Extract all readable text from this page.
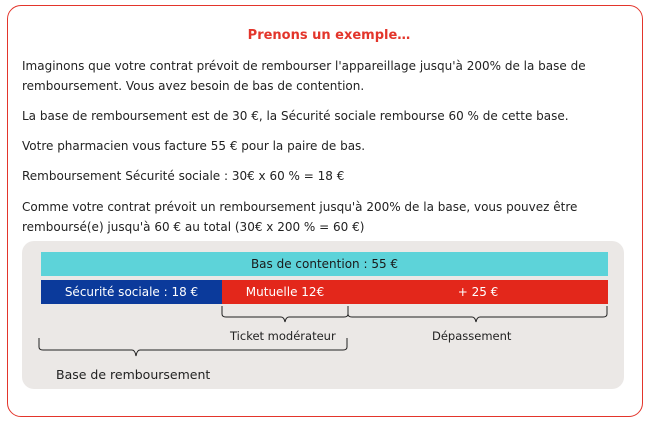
Prenons un exemple…
Imaginons que votre contrat prévoit de rembourser l'appareillage jusqu'à 200% de la base de remboursement. Vous avez besoin de bas de contention.
La base de remboursement est de 30 €, la Sécurité sociale rembourse 60 % de cette base.
Votre pharmacien vous facture 55 € pour la paire de bas.
Remboursement Sécurité sociale : 30€ x 60 % = 18 €
Comme votre contrat prévoit un remboursement jusqu'à 200% de la base, vous pouvez être remboursé(e) jusqu'à 60 € au total (30€ x 200 % = 60 €)
Bas de contention : 55 €
Sécurité sociale : 18 €	Mutuelle 12€	+ 25 €
Ticket modérateur	Dépassement
Base de remboursement
